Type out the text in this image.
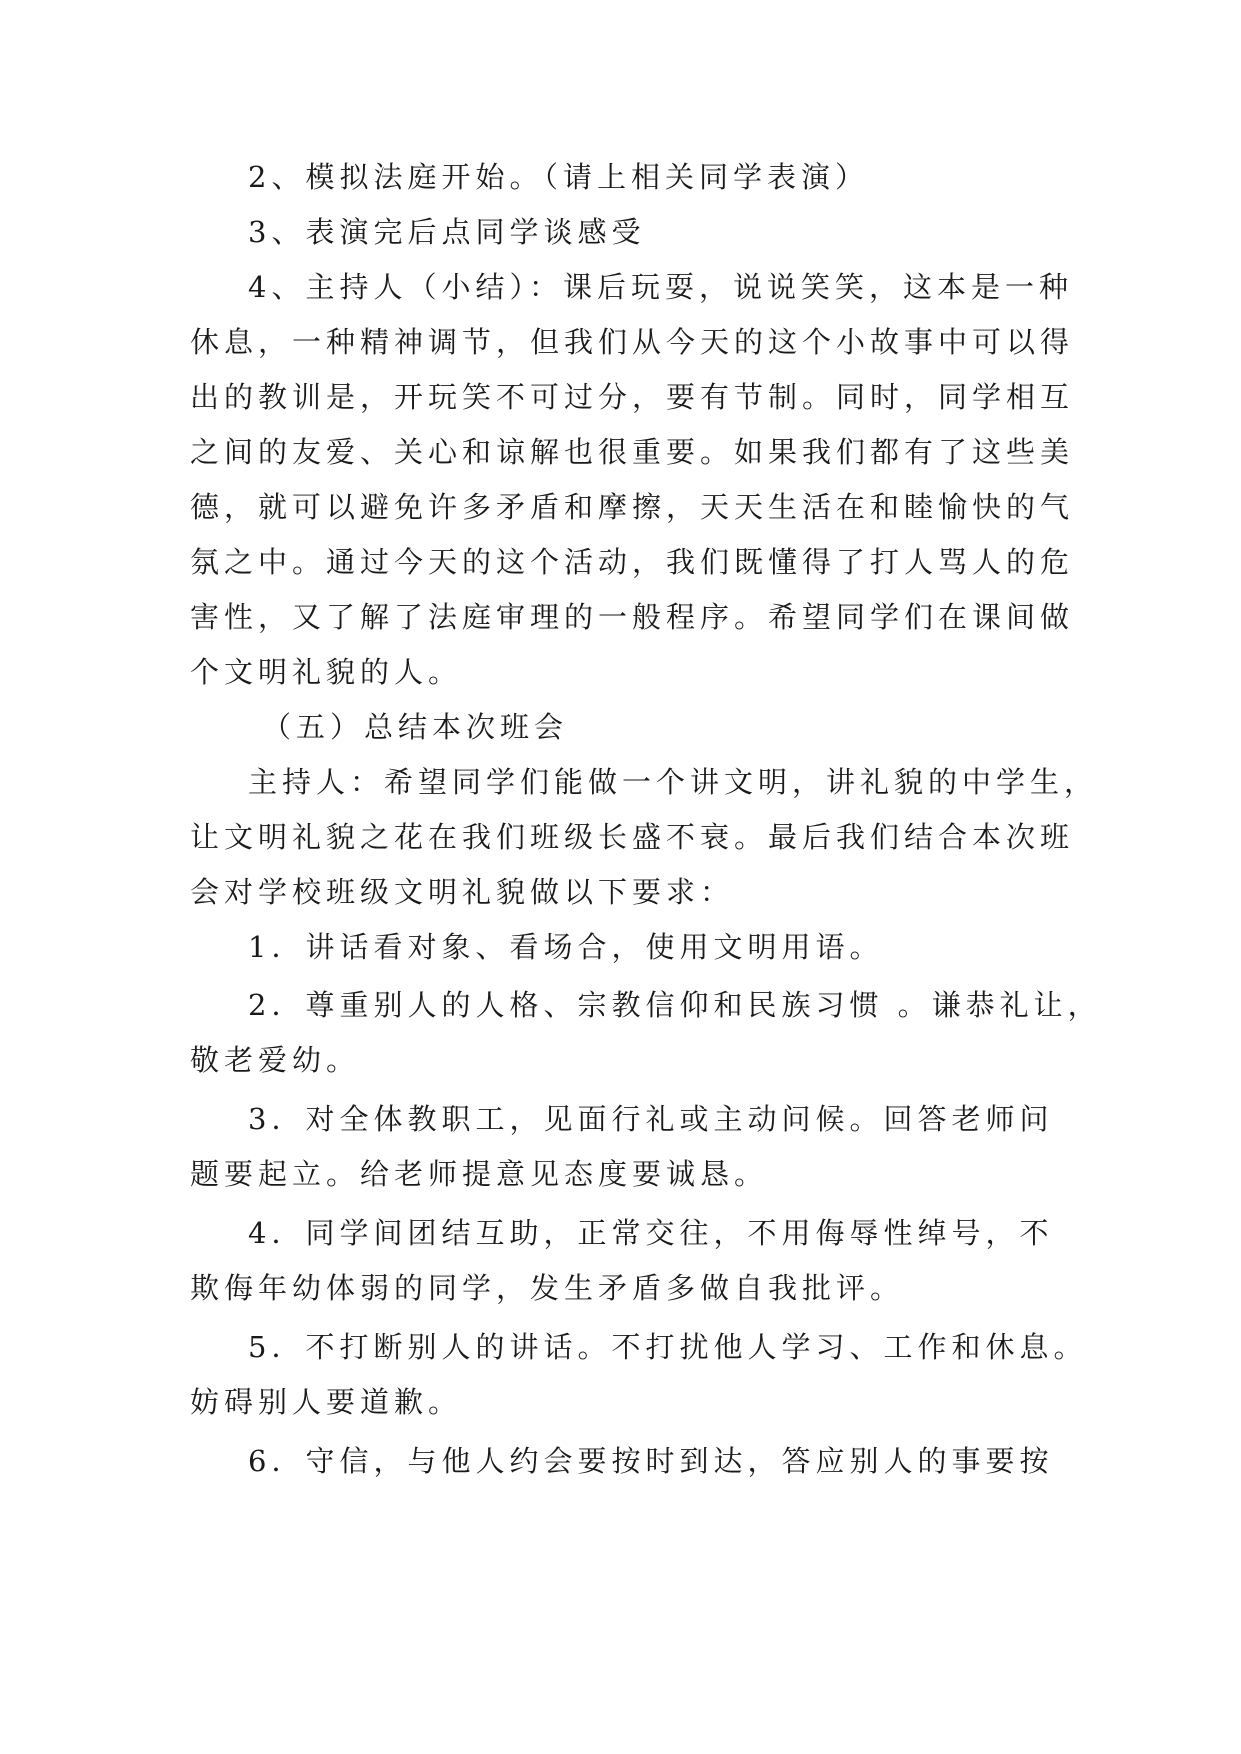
2、模拟法庭开始。（请上相关同学表演）
3、表演完后点同学谈感受
4、主持人（小结）：课后玩耍，说说笑笑，这本是一种
休息，一种精神调节，但我们从今天的这个小故事中可以得
出的教训是，开玩笑不可过分，要有节制。同时，同学相互
之间的友爱、关心和谅解也很重要。如果我们都有了这些美
德，就可以避免许多矛盾和摩擦，天天生活在和睦愉快的气
氛之中。通过今天的这个活动，我们既懂得了打人骂人的危
害性，又了解了法庭审理的一般程序。希望同学们在课间做
个文明礼貌的人。
（五）总结本次班会
主持人：希望同学们能做一个讲文明，讲礼貌的中学生，
让文明礼貌之花在我们班级长盛不衰。最后我们结合本次班
会对学校班级文明礼貌做以下要求：
1．讲话看对象、看场合，使用文明用语。
2．尊重别人的人格、宗教信仰和民族习惯 。谦恭礼让，
敬老爱幼。
3．对全体教职工，见面行礼或主动问候。回答老师问
题要起立。给老师提意见态度要诚恳。
4．同学间团结互助，正常交往，不用侮辱性绰号，不
欺侮年幼体弱的同学，发生矛盾多做自我批评。
5．不打断别人的讲话。不打扰他人学习、工作和休息。
妨碍别人要道歉。
6．守信，与他人约会要按时到达，答应别人的事要按
